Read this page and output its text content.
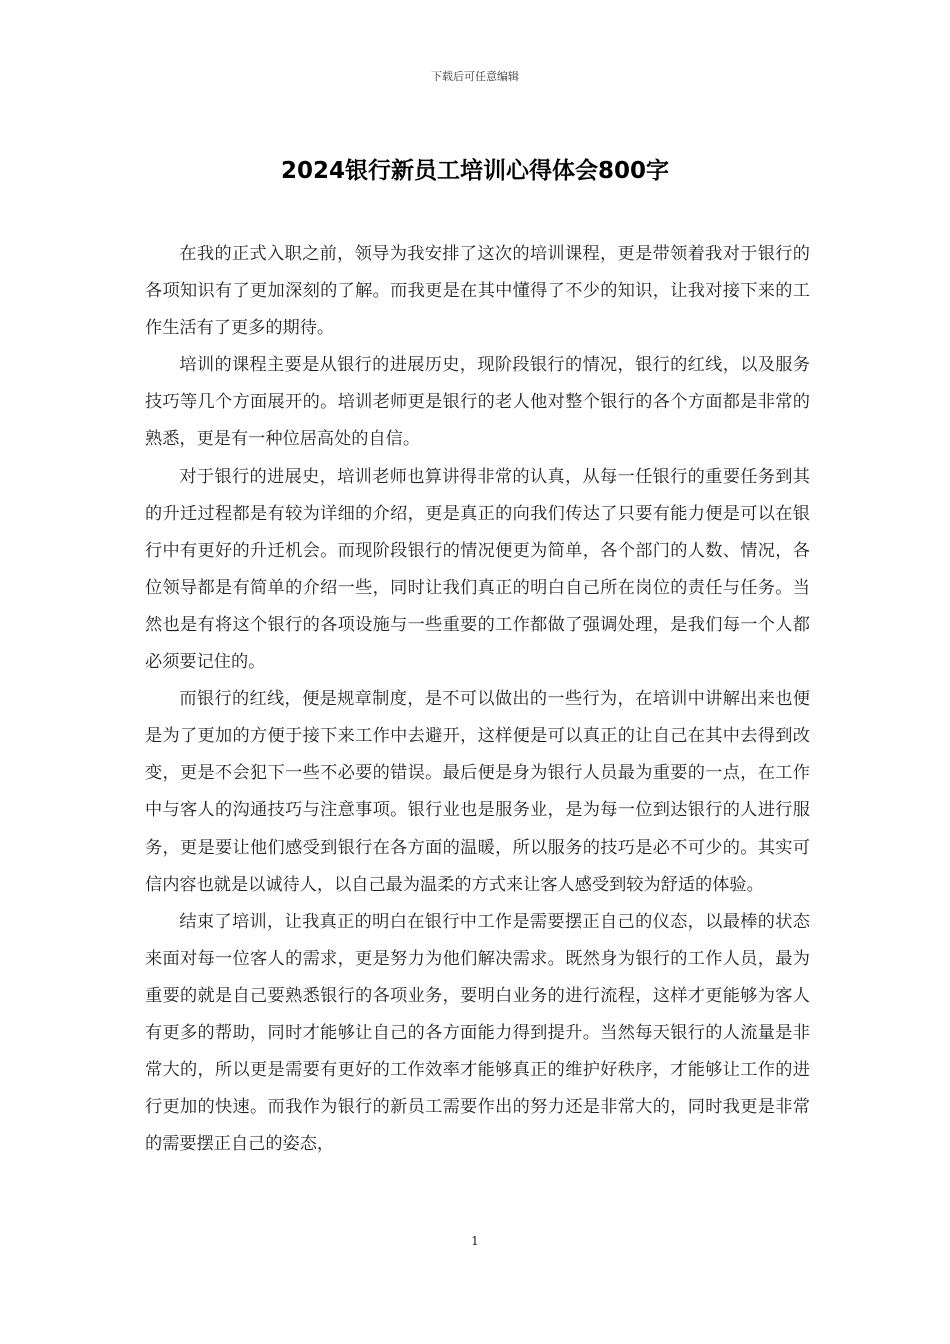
下载后可任意编辑
2024银行新员工培训心得体会800字

在我的正式入职之前，领导为我安排了这次的培训课程，更是带领着我对于银行的各项知识有了更加深刻的了解。而我更是在其中懂得了不少的知识，让我对接下来的工作生活有了更多的期待。

培训的课程主要是从银行的进展历史，现阶段银行的情况，银行的红线，以及服务技巧等几个方面展开的。培训老师更是银行的老人他对整个银行的各个方面都是非常的熟悉，更是有一种位居高处的自信。

对于银行的进展史，培训老师也算讲得非常的认真，从每一任银行的重要任务到其的升迁过程都是有较为详细的介绍，更是真正的向我们传达了只要有能力便是可以在银行中有更好的升迁机会。而现阶段银行的情况便更为简单，各个部门的人数、情况，各位领导都是有简单的介绍一些，同时让我们真正的明白自己所在岗位的责任与任务。当然也是有将这个银行的各项设施与一些重要的工作都做了强调处理，是我们每一个人都必须要记住的。

而银行的红线，便是规章制度，是不可以做出的一些行为，在培训中讲解出来也便是为了更加的方便于接下来工作中去避开，这样便是可以真正的让自己在其中去得到改变，更是不会犯下一些不必要的错误。最后便是身为银行人员最为重要的一点，在工作中与客人的沟通技巧与注意事项。银行业也是服务业，是为每一位到达银行的人进行服务，更是要让他们感受到银行在各方面的温暖，所以服务的技巧是必不可少的。其实可信内容也就是以诚待人，以自己最为温柔的方式来让客人感受到较为舒适的体验。

结束了培训，让我真正的明白在银行中工作是需要摆正自己的仪态，以最棒的状态来面对每一位客人的需求，更是努力为他们解决需求。既然身为银行的工作人员，最为重要的就是自己要熟悉银行的各项业务，要明白业务的进行流程，这样才更能够为客人有更多的帮助，同时才能够让自己的各方面能力得到提升。当然每天银行的人流量是非常大的，所以更是需要有更好的工作效率才能够真正的维护好秩序，才能够让工作的进行更加的快速。而我作为银行的新员工需要作出的努力还是非常大的，同时我更是非常的需要摆正自己的姿态，

1
